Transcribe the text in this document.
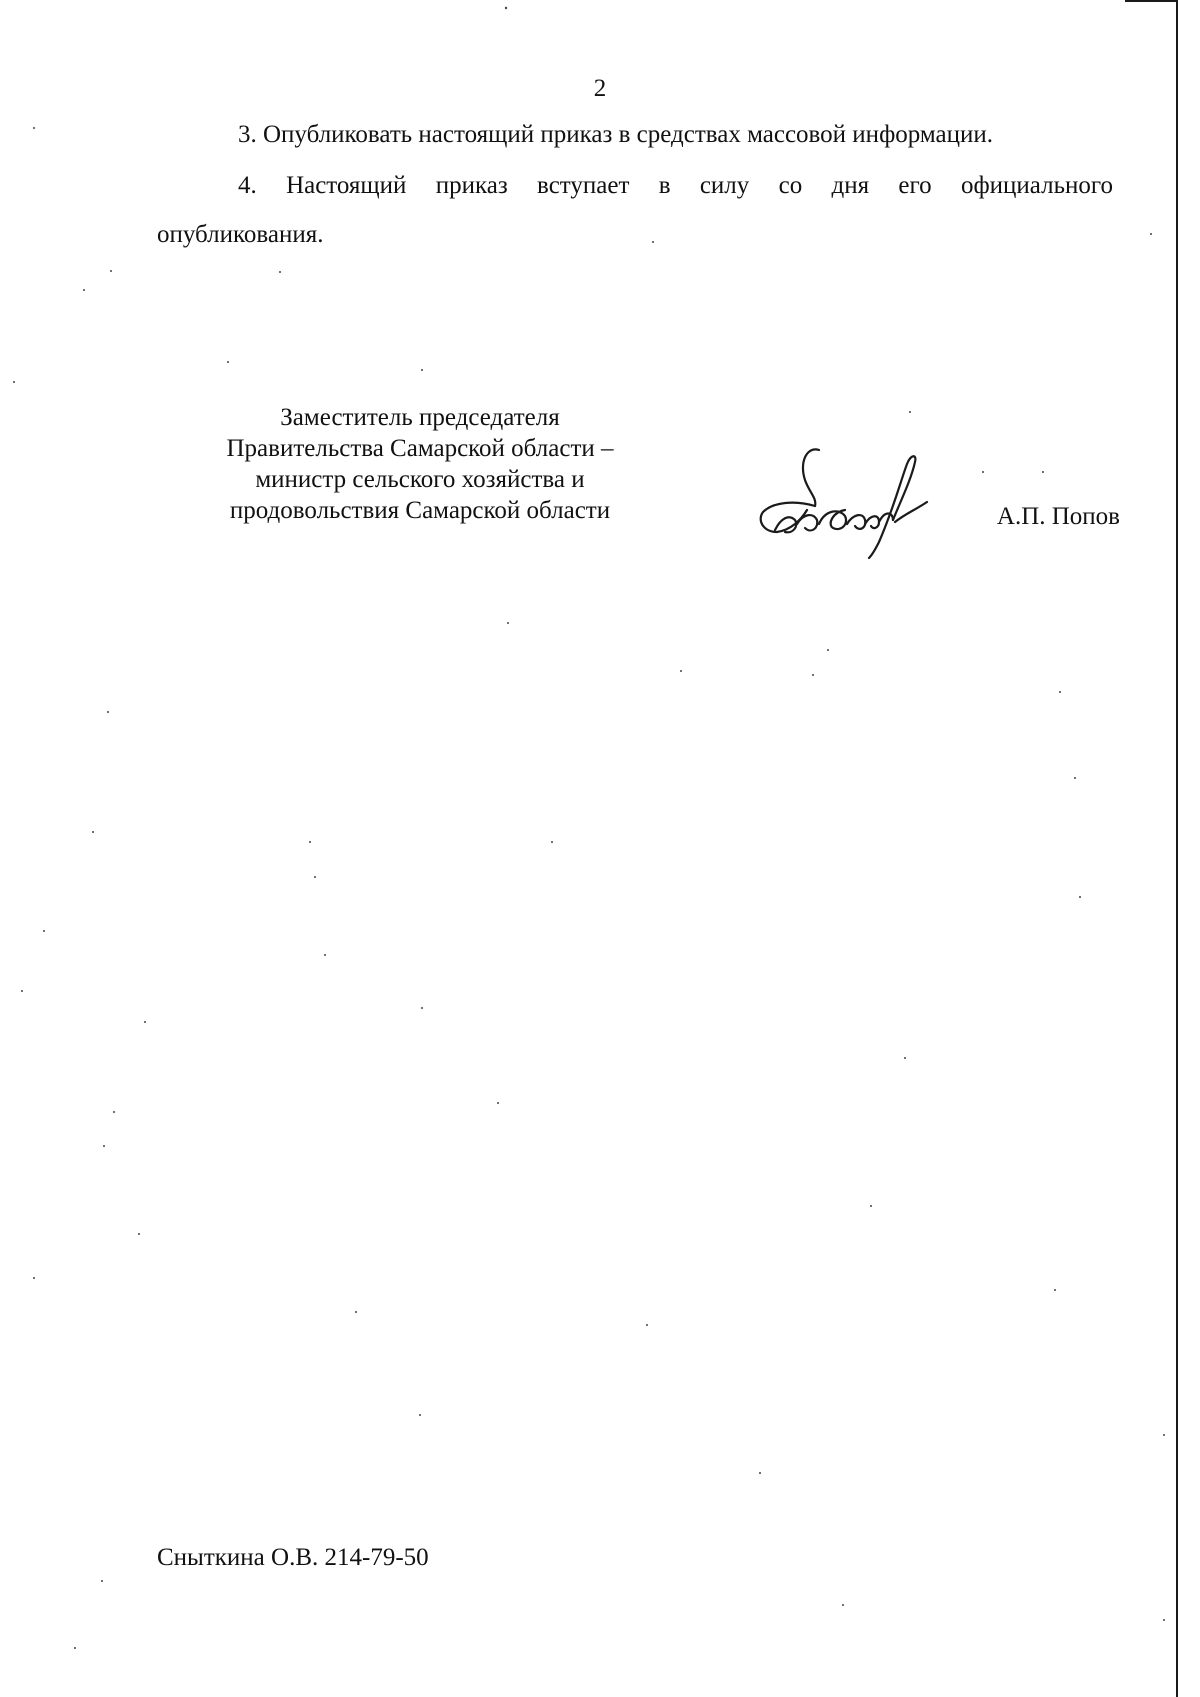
2
3. Опубликовать настоящий приказ в средствах массовой информации.
4. Настоящий приказ вступает в силу со дня его официального
опубликования.
Заместитель председателя
Правительства Самарской области –
министр сельского хозяйства и
продовольствия Самарской области	А.П. Попов
Сныткина О.В. 214-79-50
